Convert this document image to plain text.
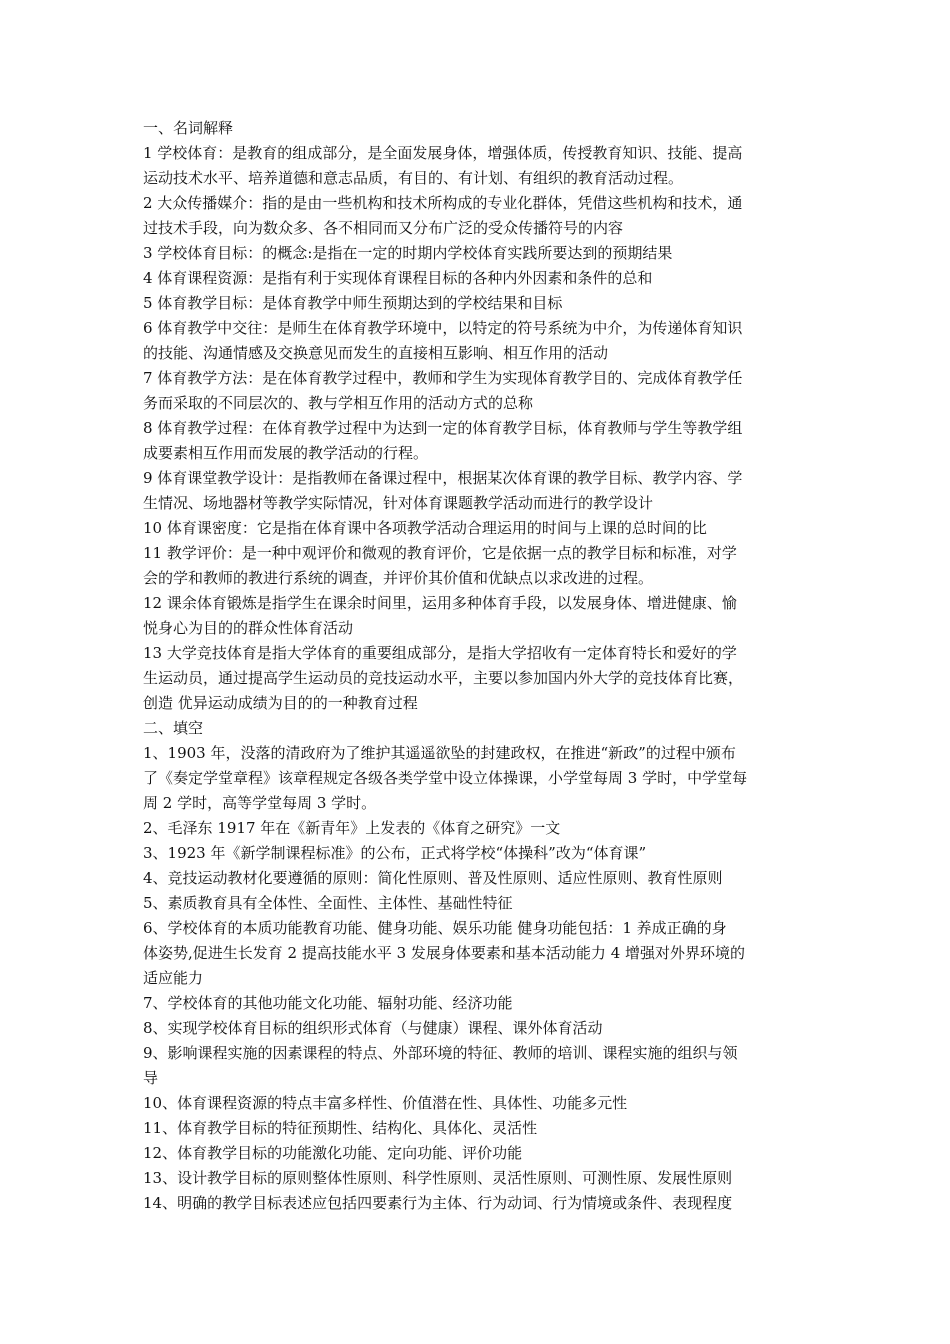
一、名词解释
1 学校体育：是教育的组成部分，是全面发展身体，增强体质，传授教育知识、技能、提高
运动技术水平、培养道德和意志品质，有目的、有计划、有组织的教育活动过程。
2 大众传播媒介：指的是由一些机构和技术所构成的专业化群体，凭借这些机构和技术，通
过技术手段，向为数众多、各不相同而又分布广泛的受众传播符号的内容
3 学校体育目标：的概念:是指在一定的时期内学校体育实践所要达到的预期结果
4 体育课程资源：是指有利于实现体育课程目标的各种内外因素和条件的总和
5 体育教学目标：是体育教学中师生预期达到的学校结果和目标
6 体育教学中交往：是师生在体育教学环境中，以特定的符号系统为中介，为传递体育知识
的技能、沟通情感及交换意见而发生的直接相互影响、相互作用的活动
7 体育教学方法：是在体育教学过程中，教师和学生为实现体育教学目的、完成体育教学任
务而采取的不同层次的、教与学相互作用的活动方式的总称
8 体育教学过程：在体育教学过程中为达到一定的体育教学目标，体育教师与学生等教学组
成要素相互作用而发展的教学活动的行程。
9 体育课堂教学设计：是指教师在备课过程中，根据某次体育课的教学目标、教学内容、学
生情况、场地器材等教学实际情况，针对体育课题教学活动而进行的教学设计
10 体育课密度：它是指在体育课中各项教学活动合理运用的时间与上课的总时间的比
11 教学评价：是一种中观评价和微观的教育评价，它是依据一点的教学目标和标准，对学
会的学和教师的教进行系统的调查，并评价其价值和优缺点以求改进的过程。
12 课余体育锻炼是指学生在课余时间里，运用多种体育手段，以发展身体、增进健康、愉
悦身心为目的的群众性体育活动
13 大学竞技体育是指大学体育的重要组成部分，是指大学招收有一定体育特长和爱好的学
生运动员，通过提高学生运动员的竞技运动水平，主要以参加国内外大学的竞技体育比赛，
创造 优异运动成绩为目的的一种教育过程
二、填空
1、1903 年，没落的清政府为了维护其遥遥欲坠的封建政权，在推进“新政”的过程中颁布
了《奏定学堂章程》该章程规定各级各类学堂中设立体操课，小学堂每周 3 学时，中学堂每
周 2 学时，高等学堂每周 3 学时。
2、毛泽东 1917 年在《新青年》上发表的《体育之研究》一文
3、1923 年《新学制课程标准》的公布，正式将学校“体操科”改为“体育课”
4、竞技运动教材化要遵循的原则：简化性原则、普及性原则、适应性原则、教育性原则
5、素质教育具有全体性、全面性、主体性、基础性特征
6、学校体育的本质功能教育功能、健身功能、娱乐功能 健身功能包括：1 养成正确的身
体姿势,促进生长发育 2 提高技能水平 3 发展身体要素和基本活动能力 4 增强对外界环境的
适应能力
7、学校体育的其他功能文化功能、辐射功能、经济功能
8、实现学校体育目标的组织形式体育（与健康）课程、课外体育活动
9、影响课程实施的因素课程的特点、外部环境的特征、教师的培训、课程实施的组织与领
导
10、体育课程资源的特点丰富多样性、价值潜在性、具体性、功能多元性
11、体育教学目标的特征预期性、结构化、具体化、灵活性
12、体育教学目标的功能激化功能、定向功能、评价功能
13、设计教学目标的原则整体性原则、科学性原则、灵活性原则、可测性原、发展性原则
14、明确的教学目标表述应包括四要素行为主体、行为动词、行为情境或条件、表现程度
